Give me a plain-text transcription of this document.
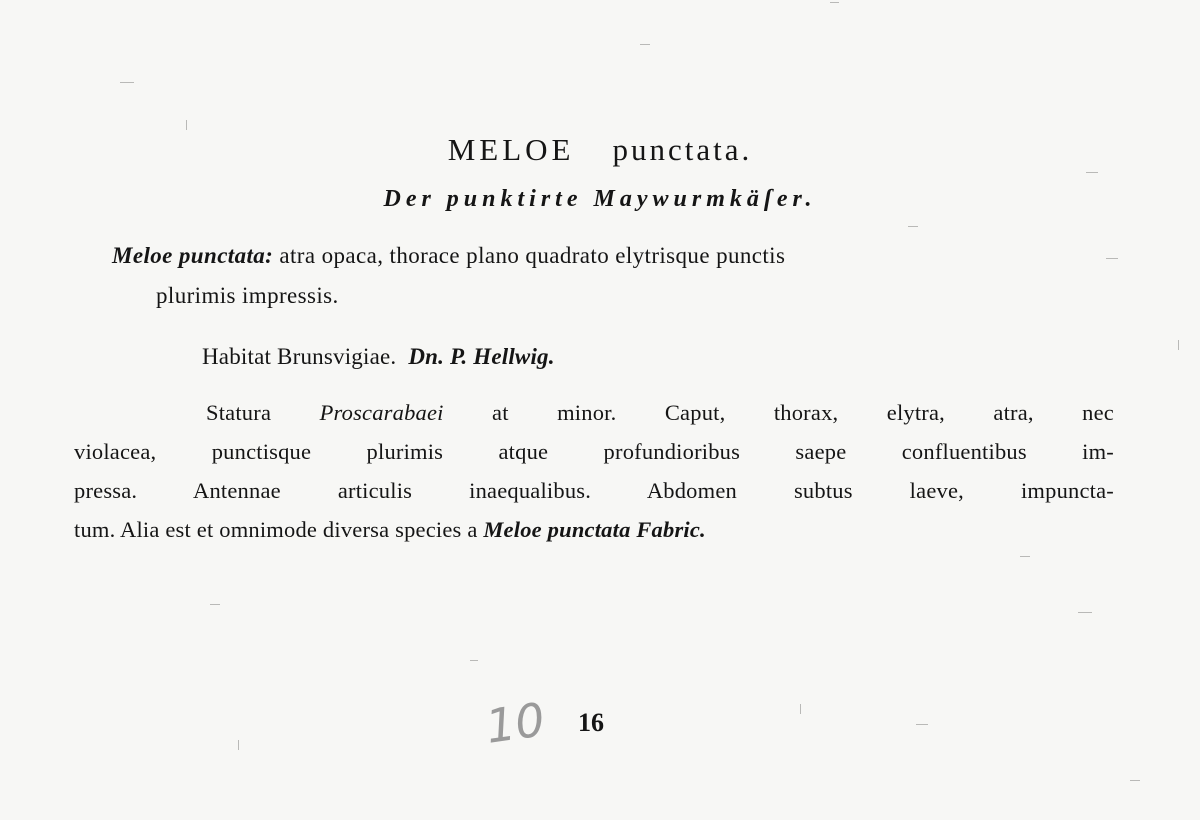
MELOE punctata.
Der punktirte Maywurmkäſer.
Meloe punctata: atra opaca, thorace plano quadrato elytrisque punctis
plurimis impressis.
Habitat Brunsvigiae. Dn. P. Hellwig.
Statura Proscarabaei at minor. Caput, thorax, elytra, atra, nec
violacea, punctisque plurimis atque profundioribus saepe confluentibus im-
pressa. Antennae articulis inaequalibus. Abdomen subtus laeve, impuncta-
tum. Alia est et omnimode diversa species a Meloe punctata Fabric.
10 16
